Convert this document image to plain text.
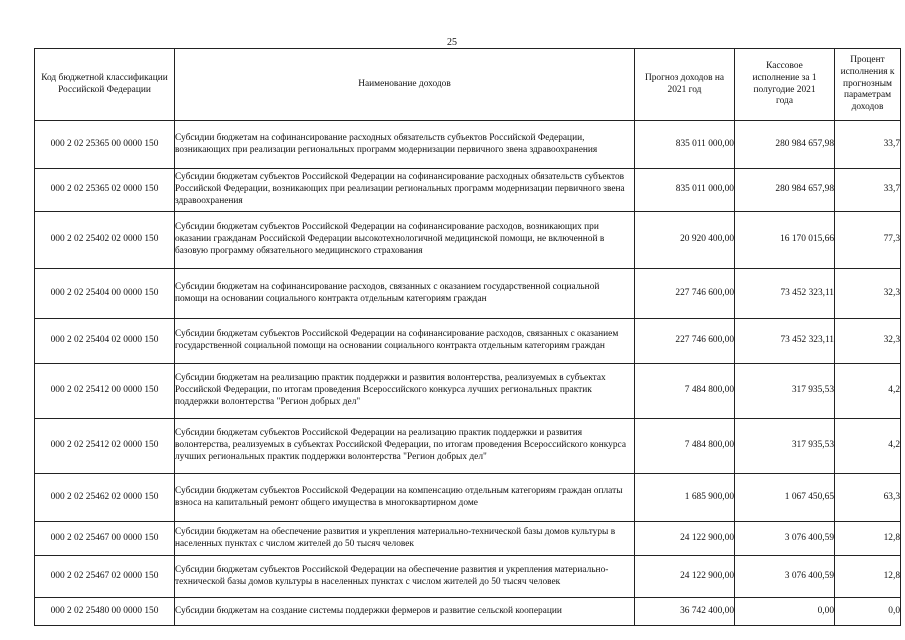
25
Код бюджетной классификации Российской Федерации	Наименование доходов	Прогноз доходов на 2021 год	Кассовое исполнение за 1 полугодие 2021 года	Процент исполнения к прогнозным параметрам доходов
000 2 02 25365 00 0000 150	Субсидии бюджетам на софинансирование расходных обязательств субъектов Российской Федерации, возникающих при реализации региональных программ модернизации первичного звена здравоохранения	835 011 000,00	280 984 657,98	33,7
000 2 02 25365 02 0000 150	Субсидии бюджетам субъектов Российской Федерации на софинансирование расходных обязательств субъектов Российской Федерации, возникающих при реализации региональных программ модернизации первичного звена здравоохранения	835 011 000,00	280 984 657,98	33,7
000 2 02 25402 02 0000 150	Субсидии бюджетам субъектов Российской Федерации на софинансирование расходов, возникающих при оказании гражданам Российской Федерации высокотехнологичной медицинской помощи, не включенной в базовую программу обязательного медицинского страхования	20 920 400,00	16 170 015,66	77,3
000 2 02 25404 00 0000 150	Субсидии бюджетам на софинансирование расходов, связанных с оказанием государственной социальной помощи на основании социального контракта отдельным категориям граждан	227 746 600,00	73 452 323,11	32,3
000 2 02 25404 02 0000 150	Субсидии бюджетам субъектов Российской Федерации на софинансирование расходов, связанных с оказанием государственной социальной помощи на основании социального контракта отдельным категориям граждан	227 746 600,00	73 452 323,11	32,3
000 2 02 25412 00 0000 150	Субсидии бюджетам на реализацию практик поддержки и развития волонтерства, реализуемых в субъектах Российской Федерации, по итогам проведения Всероссийского конкурса лучших региональных практик поддержки волонтерства "Регион добрых дел"	7 484 800,00	317 935,53	4,2
000 2 02 25412 02 0000 150	Субсидии бюджетам субъектов Российской Федерации на реализацию практик поддержки и развития волонтерства, реализуемых в субъектах Российской Федерации, по итогам проведения Всероссийского конкурса лучших региональных практик поддержки волонтерства "Регион добрых дел"	7 484 800,00	317 935,53	4,2
000 2 02 25462 02 0000 150	Субсидии бюджетам субъектов Российской Федерации на компенсацию отдельным категориям граждан оплаты взноса на капитальный ремонт общего имущества в многоквартирном доме	1 685 900,00	1 067 450,65	63,3
000 2 02 25467 00 0000 150	Субсидии бюджетам на обеспечение развития и укрепления материально-технической базы домов культуры в населенных пунктах с числом жителей до 50 тысяч человек	24 122 900,00	3 076 400,59	12,8
000 2 02 25467 02 0000 150	Субсидии бюджетам субъектов Российской Федерации на обеспечение развития и укрепления материально-технической базы домов культуры в населенных пунктах с числом жителей до 50 тысяч человек	24 122 900,00	3 076 400,59	12,8
000 2 02 25480 00 0000 150	Субсидии бюджетам на создание системы поддержки фермеров и развитие сельской кооперации	36 742 400,00	0,00	0,0
